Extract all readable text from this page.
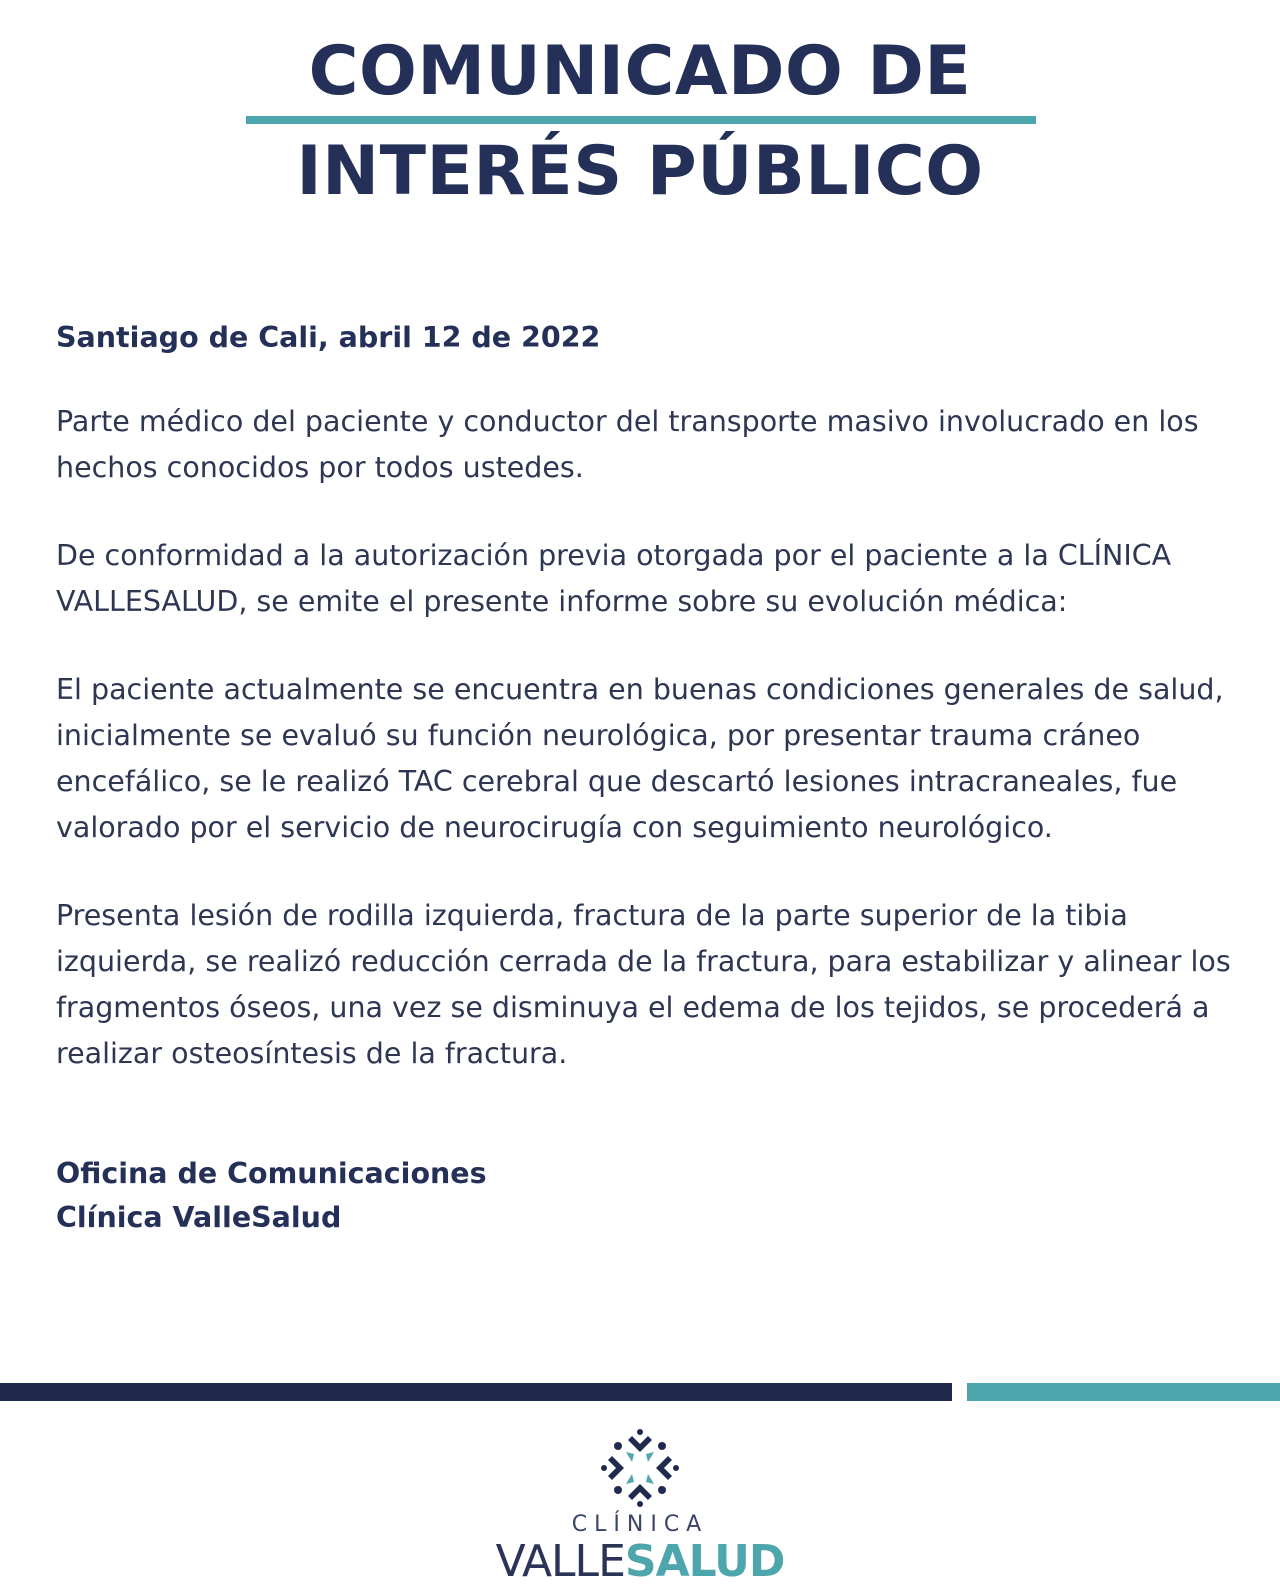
COMUNICADO DE
INTERÉS PÚBLICO

Santiago de Cali, abril 12 de 2022

Parte médico del paciente y conductor del transporte masivo involucrado en los hechos conocidos por todos ustedes.

De conformidad a la autorización previa otorgada por el paciente a la CLÍNICA VALLESALUD, se emite el presente informe sobre su evolución médica:

El paciente actualmente se encuentra en buenas condiciones generales de salud, inicialmente se evaluó su función neurológica, por presentar trauma cráneo encefálico, se le realizó TAC cerebral que descartó lesiones intracraneales, fue valorado por el servicio de neurocirugía con seguimiento neurológico.

Presenta lesión de rodilla izquierda, fractura de la parte superior de la tibia izquierda, se realizó reducción cerrada de la fractura, para estabilizar y alinear los fragmentos óseos, una vez se disminuya el edema de los tejidos, se procederá a realizar osteosíntesis de la fractura.

Oficina de Comunicaciones
Clínica ValleSalud
CLÍNICA
VALLESALUD
